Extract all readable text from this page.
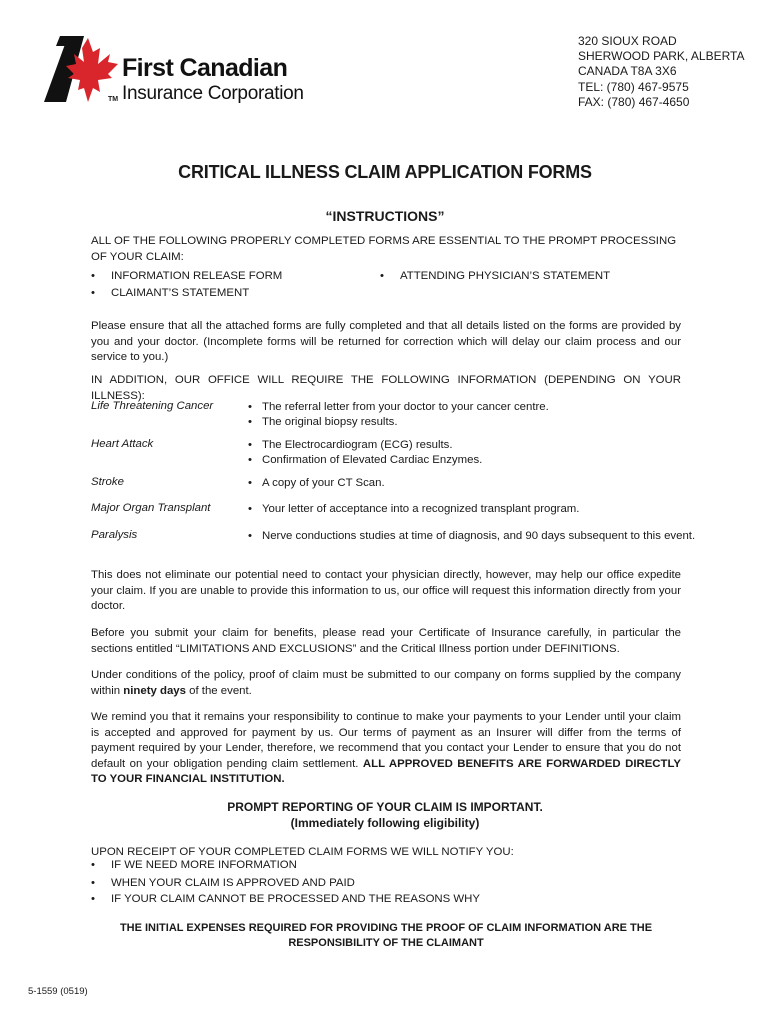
First Canadian
Insurance Corporation
TM
320 SIOUX ROAD
SHERWOOD PARK, ALBERTA
CANADA T8A 3X6
TEL: (780) 467-9575
FAX: (780) 467-4650
CRITICAL ILLNESS CLAIM APPLICATION FORMS
“INSTRUCTIONS”
ALL OF THE FOLLOWING PROPERLY COMPLETED FORMS ARE ESSENTIAL TO THE PROMPT PROCESSING OF YOUR CLAIM:
• INFORMATION RELEASE FORM
• CLAIMANT’S STATEMENT
• ATTENDING PHYSICIAN’S STATEMENT
Please ensure that all the attached forms are fully completed and that all details listed on the forms are provided by you and your doctor. (Incomplete forms will be returned for correction which will delay our claim process and our service to you.)
IN ADDITION, OUR OFFICE WILL REQUIRE THE FOLLOWING INFORMATION (DEPENDING ON YOUR ILLNESS):
Life Threatening Cancer	• The referral letter from your doctor to your cancer centre.
• The original biopsy results.
Heart Attack	• The Electrocardiogram (ECG) results.
• Confirmation of Elevated Cardiac Enzymes.
Stroke	• A copy of your CT Scan.
Major Organ Transplant	• Your letter of acceptance into a recognized transplant program.
Paralysis	• Nerve conductions studies at time of diagnosis, and 90 days subsequent to this event.
This does not eliminate our potential need to contact your physician directly, however, may help our office expedite your claim. If you are unable to provide this information to us, our office will request this information directly from your doctor.
Before you submit your claim for benefits, please read your Certificate of Insurance carefully, in particular the sections entitled “LIMITATIONS AND EXCLUSIONS” and the Critical Illness portion under DEFINITIONS.
Under conditions of the policy, proof of claim must be submitted to our company on forms supplied by the company within ninety days of the event.
We remind you that it remains your responsibility to continue to make your payments to your Lender until your claim is accepted and approved for payment by us. Our terms of payment as an Insurer will differ from the terms of payment required by your Lender, therefore, we recommend that you contact your Lender to ensure that you do not default on your obligation pending claim settlement. ALL APPROVED BENEFITS ARE FORWARDED DIRECTLY TO YOUR FINANCIAL INSTITUTION.
PROMPT REPORTING OF YOUR CLAIM IS IMPORTANT.
(Immediately following eligibility)
UPON RECEIPT OF YOUR COMPLETED CLAIM FORMS WE WILL NOTIFY YOU:
• IF WE NEED MORE INFORMATION
• WHEN YOUR CLAIM IS APPROVED AND PAID
• IF YOUR CLAIM CANNOT BE PROCESSED AND THE REASONS WHY
THE INITIAL EXPENSES REQUIRED FOR PROVIDING THE PROOF OF CLAIM INFORMATION ARE THE
RESPONSIBILITY OF THE CLAIMANT
5-1559 (0519)
